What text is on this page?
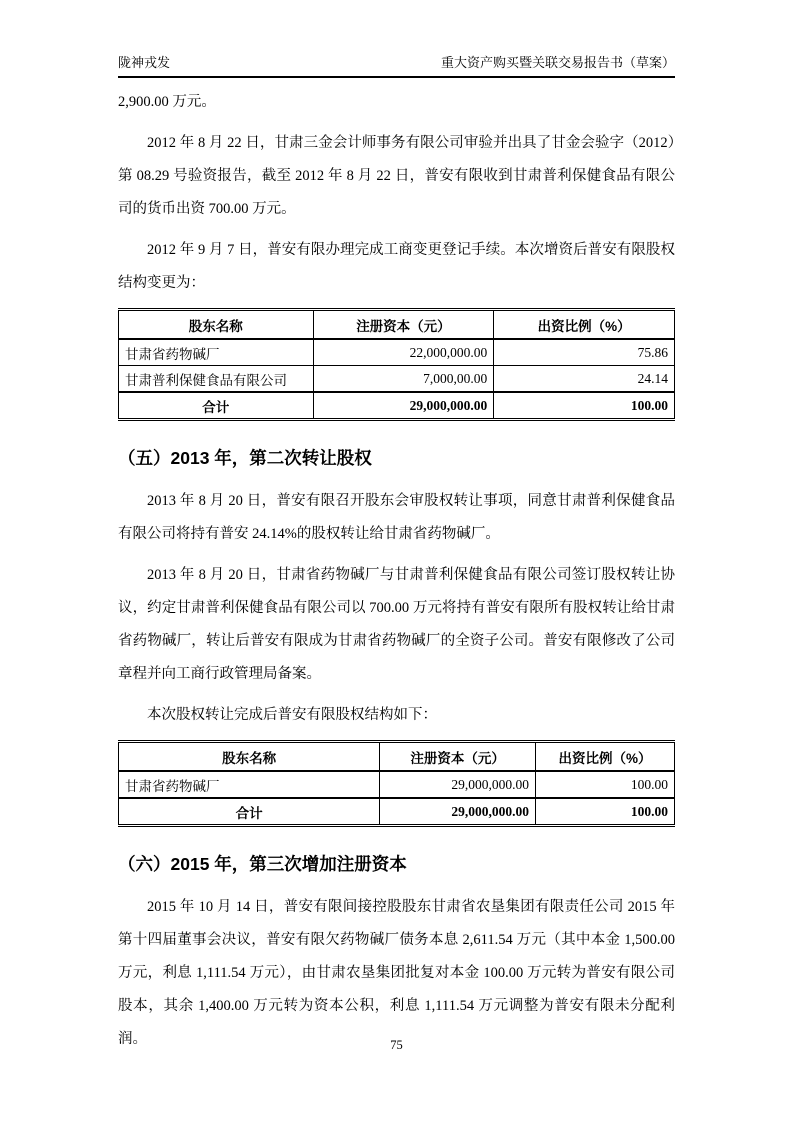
陇神戎发	重大资产购买暨关联交易报告书（草案）

2,900.00 万元。

2012 年 8 月 22 日，甘肃三金会计师事务有限公司审验并出具了甘金会验字（2012）第 08.29 号验资报告，截至 2012 年 8 月 22 日，普安有限收到甘肃普利保健食品有限公司的货币出资 700.00 万元。

2012 年 9 月 7 日，普安有限办理完成工商变更登记手续。本次增资后普安有限股权结构变更为：

股东名称	注册资本（元）	出资比例（%）
甘肃省药物碱厂	22,000,000.00	75.86
甘肃普利保健食品有限公司	7,000,00.00	24.14
合计	29,000,000.00	100.00
（五）2013 年，第二次转让股权

2013 年 8 月 20 日，普安有限召开股东会审股权转让事项，同意甘肃普利保健食品有限公司将持有普安 24.14%的股权转让给甘肃省药物碱厂。

2013 年 8 月 20 日，甘肃省药物碱厂与甘肃普利保健食品有限公司签订股权转让协议，约定甘肃普利保健食品有限公司以 700.00 万元将持有普安有限所有股权转让给甘肃省药物碱厂，转让后普安有限成为甘肃省药物碱厂的全资子公司。普安有限修改了公司章程并向工商行政管理局备案。

本次股权转让完成后普安有限股权结构如下：

股东名称	注册资本（元）	出资比例（%）
甘肃省药物碱厂	29,000,000.00	100.00
合计	29,000,000.00	100.00
（六）2015 年，第三次增加注册资本

2015 年 10 月 14 日，普安有限间接控股股东甘肃省农垦集团有限责任公司 2015 年第十四届董事会决议，普安有限欠药物碱厂债务本息 2,611.54 万元（其中本金 1,500.00 万元，利息 1,111.54 万元），由甘肃农垦集团批复对本金 100.00 万元转为普安有限公司股本，其余 1,400.00 万元转为资本公积，利息 1,111.54 万元调整为普安有限未分配利润。	75
